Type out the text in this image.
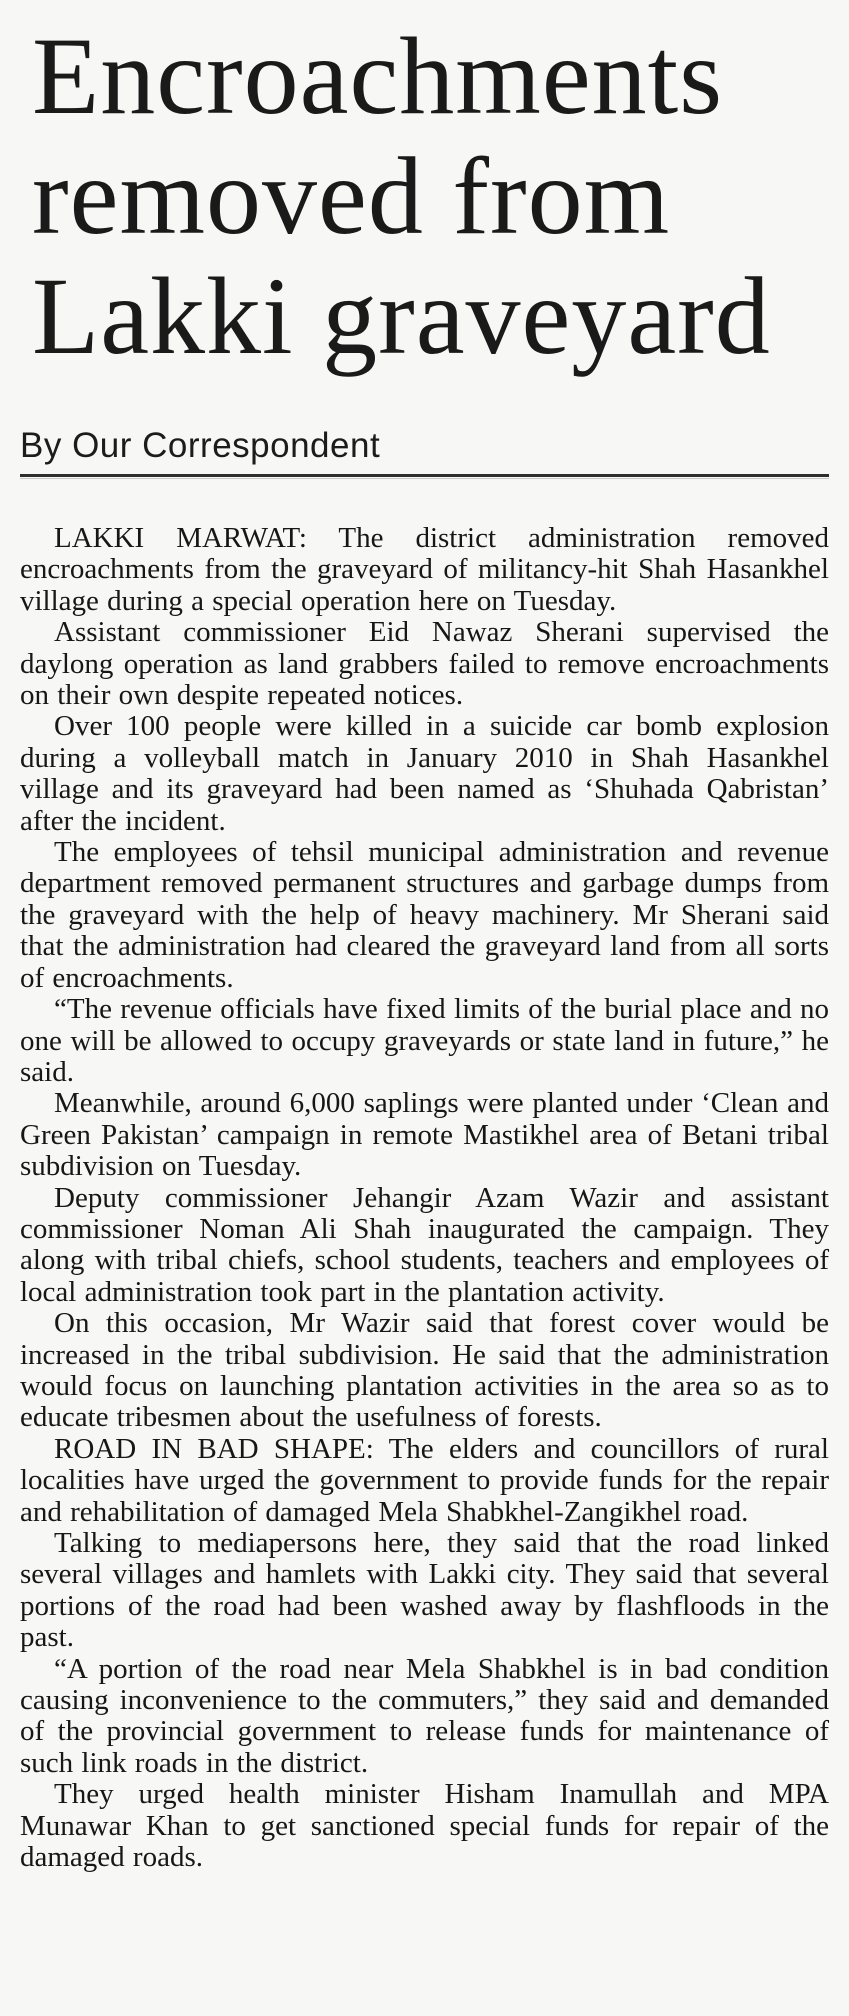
Encroachments removed from Lakki graveyard
By Our Correspondent

LAKKI MARWAT: The district administration removed encroachments from the graveyard of militancy-hit Shah Hasankhel village during a special operation here on Tuesday.

Assistant commissioner Eid Nawaz Sherani supervised the daylong operation as land grabbers failed to remove encroachments on their own despite repeated notices.

Over 100 people were killed in a suicide car bomb explosion during a volleyball match in January 2010 in Shah Hasankhel village and its graveyard had been named as ‘Shuhada Qabristan’ after the incident.

The employees of tehsil municipal administration and revenue department removed permanent structures and garbage dumps from the graveyard with the help of heavy machinery. Mr Sherani said that the administration had cleared the graveyard land from all sorts of encroachments.

“The revenue officials have fixed limits of the burial place and no one will be allowed to occupy graveyards or state land in future,” he said.

Meanwhile, around 6,000 saplings were planted under ‘Clean and Green Pakistan’ campaign in remote Mastikhel area of Betani tribal subdivision on Tuesday.

Deputy commissioner Jehangir Azam Wazir and assistant commissioner Noman Ali Shah inaugurated the campaign. They along with tribal chiefs, school students, teachers and employees of local administration took part in the plantation activity.

On this occasion, Mr Wazir said that forest cover would be increased in the tribal subdivision. He said that the administration would focus on launching plantation activities in the area so as to educate tribesmen about the usefulness of forests.

ROAD IN BAD SHAPE: The elders and councillors of rural localities have urged the government to provide funds for the repair and rehabilitation of damaged Mela Shabkhel-Zangikhel road.

Talking to mediapersons here, they said that the road linked several villages and hamlets with Lakki city. They said that several portions of the road had been washed away by flashfloods in the past.

“A portion of the road near Mela Shabkhel is in bad condition causing inconvenience to the commuters,” they said and demanded of the provincial government to release funds for maintenance of such link roads in the district.

They urged health minister Hisham Inamullah and MPA Munawar Khan to get sanctioned special funds for repair of the damaged roads.
